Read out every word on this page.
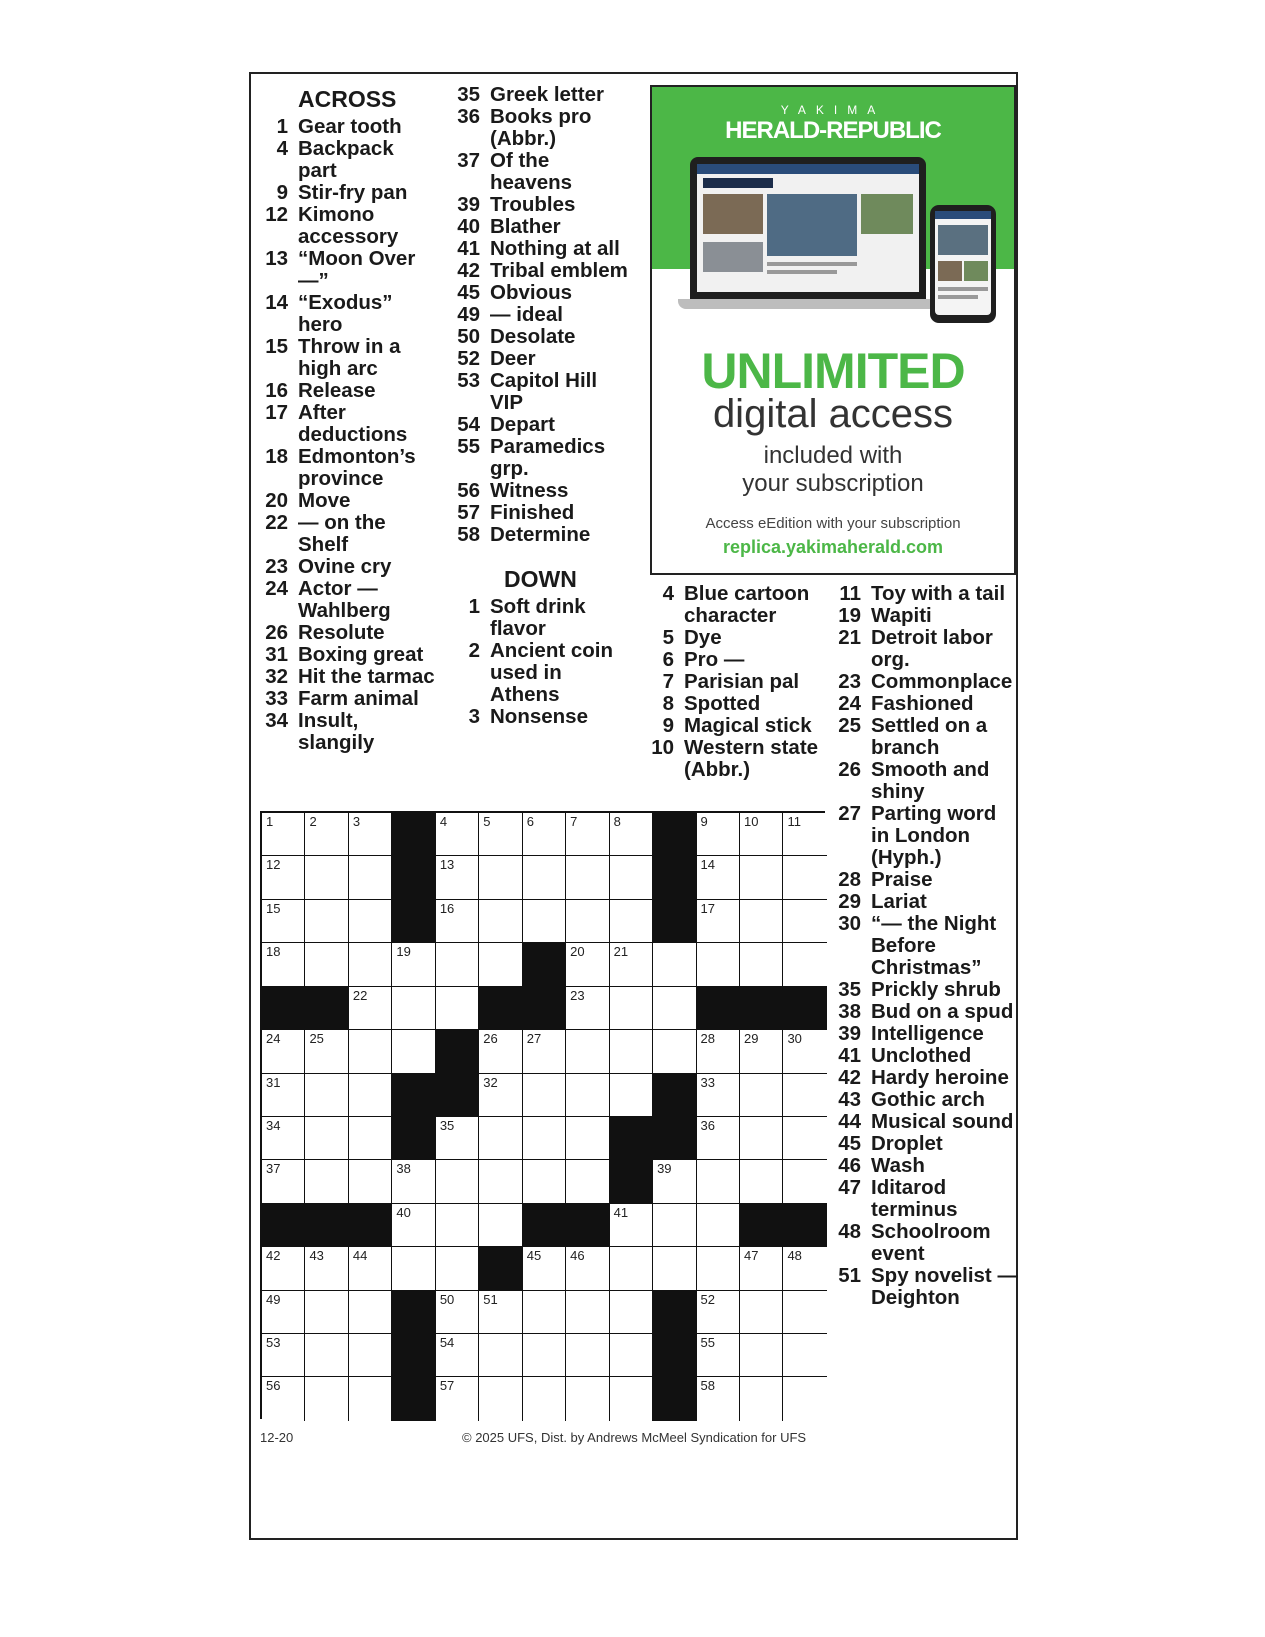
ACROSS
1 Gear tooth
4 Backpack part
9 Stir-fry pan
12 Kimono accessory
13 “Moon Over —”
14 “Exodus” hero
15 Throw in a high arc
16 Release
17 After deductions
18 Edmonton’s province
20 Move
22 — on the Shelf
23 Ovine cry
24 Actor — Wahlberg
26 Resolute
31 Boxing great
32 Hit the tarmac
33 Farm animal
34 Insult, slangily
35 Greek letter
36 Books pro (Abbr.)
37 Of the heavens
39 Troubles
40 Blather
41 Nothing at all
42 Tribal emblem
45 Obvious
49 — ideal
50 Desolate
52 Deer
53 Capitol Hill VIP
54 Depart
55 Paramedics grp.
56 Witness
57 Finished
58 Determine
DOWN
1 Soft drink flavor
2 Ancient coin used in Athens
3 Nonsense
4 Blue cartoon character
5 Dye
6 Pro —
7 Parisian pal
8 Spotted
9 Magical stick
10 Western state (Abbr.)
11 Toy with a tail
19 Wapiti
21 Detroit labor org.
23 Commonplace
24 Fashioned
25 Settled on a branch
26 Smooth and shiny
27 Parting word in London (Hyph.)
28 Praise
29 Lariat
30 “— the Night Before Christmas”
35 Prickly shrub
38 Bud on a spud
39 Intelligence
41 Unclothed
42 Hardy heroine
43 Gothic arch
44 Musical sound
45 Droplet
46 Wash
47 Iditarod terminus
48 Schoolroom event
51 Spy novelist — Deighton
YAKIMA
HERALD-REPUBLIC
UNLIMITED
digital access
included with
your subscription
Access eEdition with your subscription
replica.yakimaherald.com
1	2	3	4	5	6	7	8	9	10 11
12	13	14
15	16	17
18	19	20 21
22	23
24 25	26 27	28 29 30
31	32	33
34	35	36
37	38	39
40	41
42 43 44	45 46	47 48
49	50 51	52
53	54	55
56	57	58
12-20	© 2025 UFS, Dist. by Andrews McMeel Syndication for UFS
